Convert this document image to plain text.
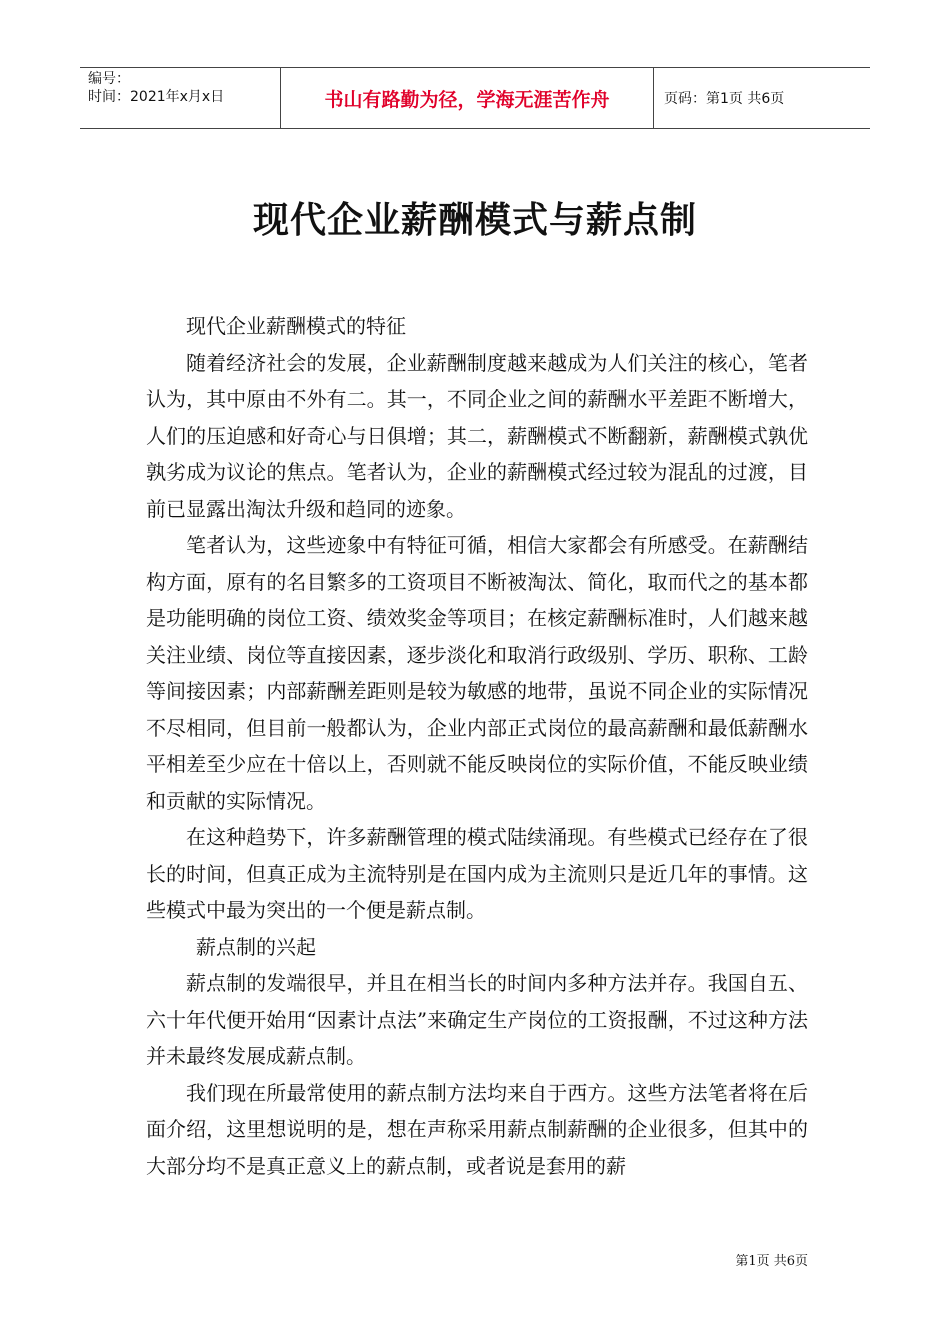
编号：
时间：2021年x月x日	书山有路勤为径，学海无涯苦作舟	页码：第1页 共6页
现代企业薪酬模式与薪点制

现代企业薪酬模式的特征

随着经济社会的发展，企业薪酬制度越来越成为人们关注的核心，笔者认为，其中原由不外有二。其一，不同企业之间的薪酬水平差距不断增大，人们的压迫感和好奇心与日俱增；其二，薪酬模式不断翻新，薪酬模式孰优孰劣成为议论的焦点。笔者认为，企业的薪酬模式经过较为混乱的过渡，目前已显露出淘汰升级和趋同的迹象。

笔者认为，这些迹象中有特征可循，相信大家都会有所感受。在薪酬结构方面，原有的名目繁多的工资项目不断被淘汰、简化，取而代之的基本都是功能明确的岗位工资、绩效奖金等项目；在核定薪酬标准时，人们越来越关注业绩、岗位等直接因素，逐步淡化和取消行政级别、学历、职称、工龄等间接因素；内部薪酬差距则是较为敏感的地带，虽说不同企业的实际情况不尽相同，但目前一般都认为，企业内部正式岗位的最高薪酬和最低薪酬水平相差至少应在十倍以上，否则就不能反映岗位的实际价值，不能反映业绩和贡献的实际情况。

在这种趋势下，许多薪酬管理的模式陆续涌现。有些模式已经存在了很长的时间，但真正成为主流特别是在国内成为主流则只是近几年的事情。这些模式中最为突出的一个便是薪点制。

薪点制的兴起

薪点制的发端很早，并且在相当长的时间内多种方法并存。我国自五、六十年代便开始用“因素计点法”来确定生产岗位的工资报酬，不过这种方法并未最终发展成薪点制。

我们现在所最常使用的薪点制方法均来自于西方。这些方法笔者将在后面介绍，这里想说明的是，想在声称采用薪点制薪酬的企业很多，但其中的大部分均不是真正意义上的薪点制，或者说是套用的薪

第1页 共6页
